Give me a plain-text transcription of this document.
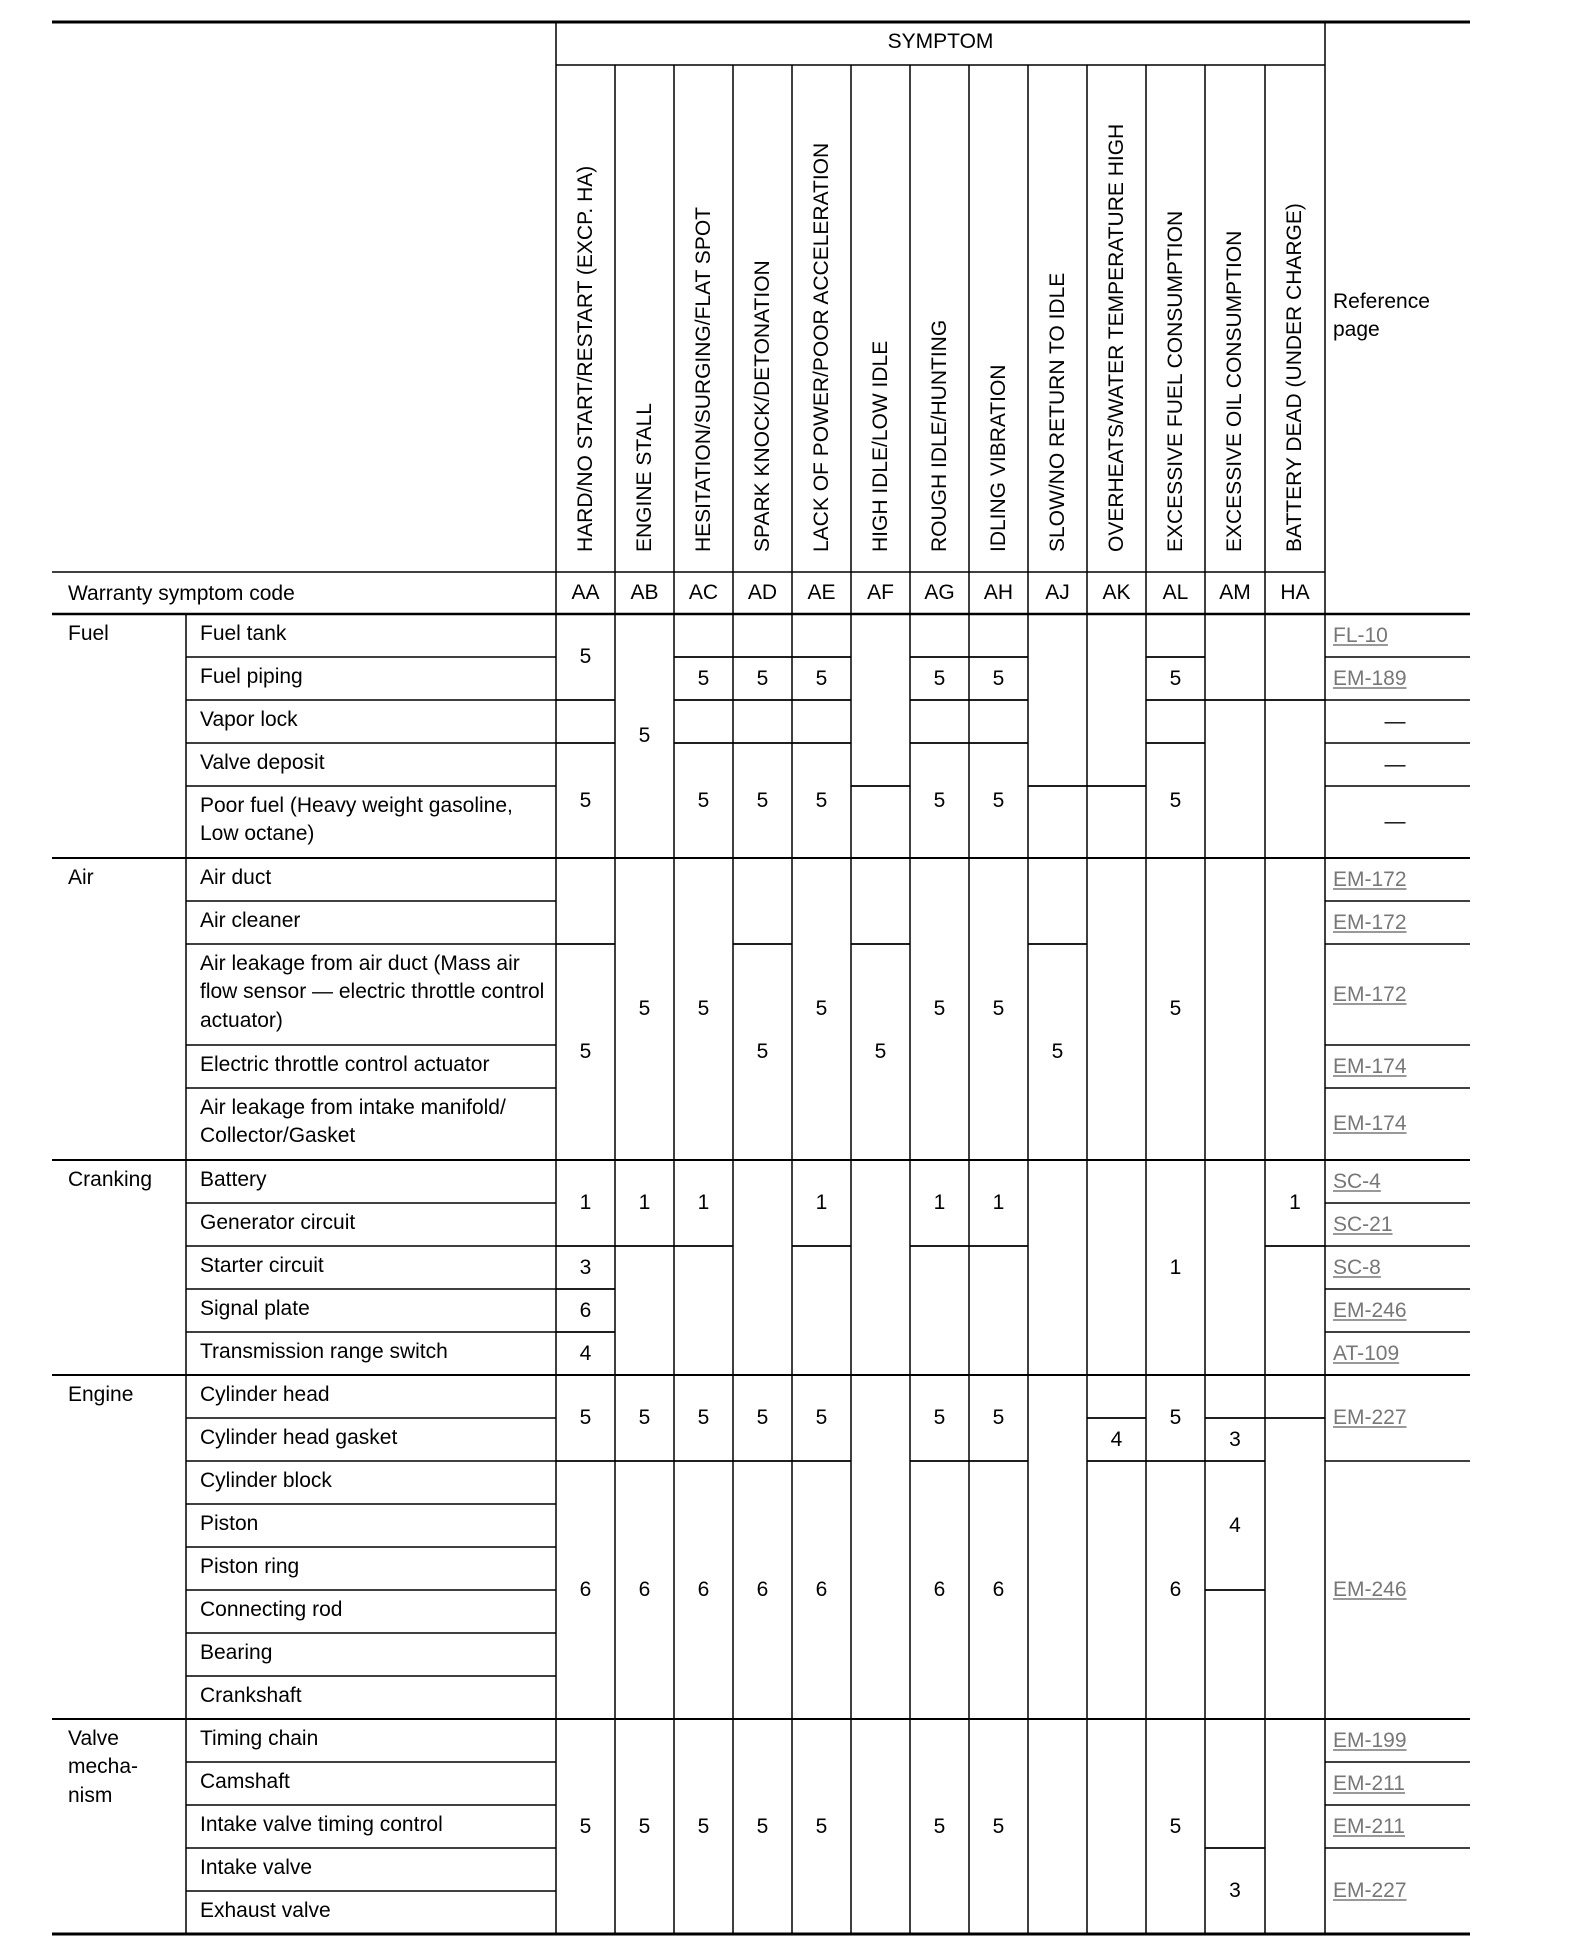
SYMPTOM
Reference page
Warranty symptom code
HARD/NO START/RESTART (EXCP. HA)
AA
ENGINE STALL
AB
HESITATION/SURGING/FLAT SPOT
AC
SPARK KNOCK/DETONATION
AD
LACK OF POWER/POOR ACCELERATION
AE
HIGH IDLE/LOW IDLE
AF
ROUGH IDLE/HUNTING
AG
IDLING VIBRATION
AH
SLOW/NO RETURN TO IDLE
AJ
OVERHEATS/WATER TEMPERATURE HIGH
AK
EXCESSIVE FUEL CONSUMPTION
AL
EXCESSIVE OIL CONSUMPTION
AM
BATTERY DEAD (UNDER CHARGE)
HA
Fuel
Air
Cranking
Engine
Valve mecha- nism
Fuel tank
Fuel piping
Vapor lock
Valve deposit
Poor fuel (Heavy weight gasoline, Low octane)
Air duct
Air cleaner
Air leakage from air duct (Mass air flow sensor — electric throttle control actuator)
Electric throttle control actuator
Air leakage from intake manifold/ Collector/Gasket
Battery
Generator circuit
Starter circuit
Signal plate
Transmission range switch
Cylinder head
Cylinder head gasket
Cylinder block
Piston
Piston ring
Connecting rod
Bearing
Crankshaft
Timing chain
Camshaft
Intake valve timing control
Intake valve
Exhaust valve
5
5
5
1
3
6
4
5
6
5
5
5
1
5
6
5
5
5
5
1
5
6
5
5
5
5
5
6
5
5
5
5
1
5
6
5
5
5
5
5
1
5
6
5
5
5
5
1
5
6
5
5
4
5
5
5
1
5
6
5
3
4
3
1
FL-10
EM-189
—
—
—
EM-172
EM-172
EM-172
EM-174
EM-174
SC-4
SC-21
SC-8
EM-246
AT-109
EM-227
EM-246
EM-199
EM-211
EM-211
EM-227
